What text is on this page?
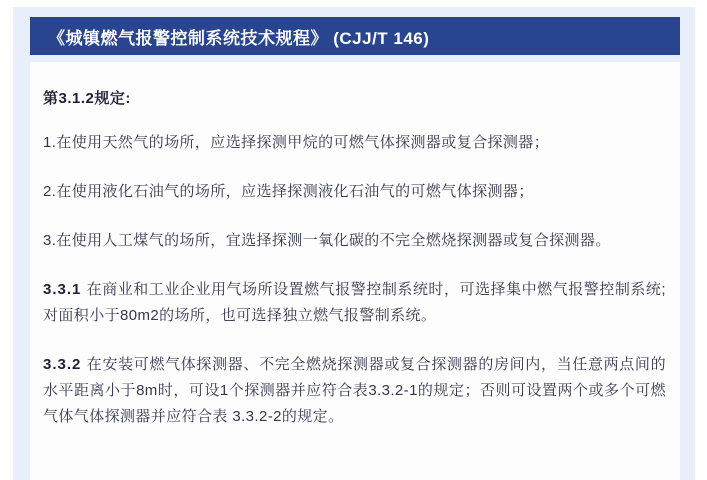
《城镇燃气报警控制系统技术规程》 (CJJ/T 146)
第3.1.2规定:

1.在使用天然气的场所，应选择探测甲烷的可燃气体探测器或复合探测器；

2.在使用液化石油气的场所，应选择探测液化石油气的可燃气体探测器；

3.在使用人工煤气的场所，宜选择探测一氧化碳的不完全燃烧探测器或复合探测器。

3.3.1 在商业和工业企业用气场所设置燃气报警控制系统时，可选择集中燃气报警控制系统;对面积小于80m2的场所，也可选择独立燃气报警制系统。

3.3.2 在安装可燃气体探测器、不完全燃烧探测器或复合探测器的房间内，当任意两点间的水平距离小于8m时，可设1个探测器并应符合表3.3.2-1的规定；否则可设置两个或多个可燃气体气体探测器并应符合表 3.3.2-2的规定。
